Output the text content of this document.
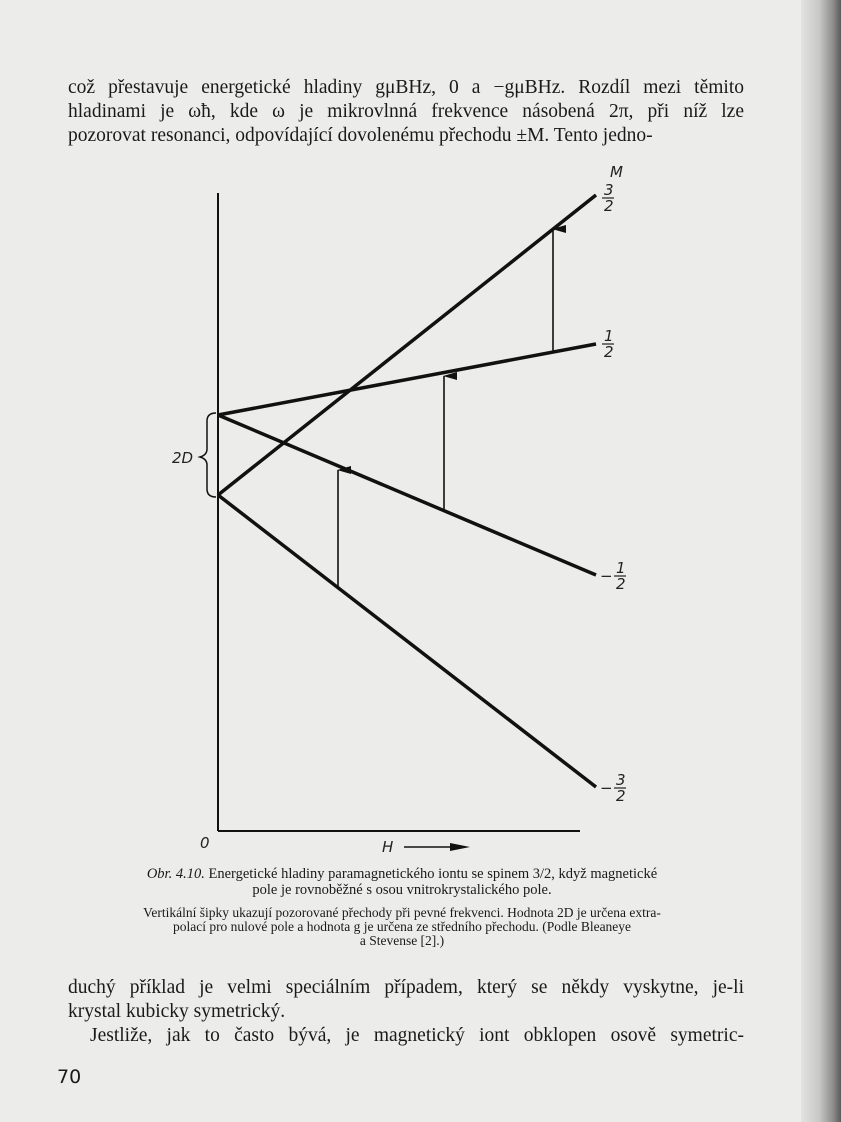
což přestavuje energetické hladiny gμBHz, 0 a −gμBHz. Rozdíl mezi těmito
hladinami je ωħ, kde ω je mikrovlnná frekvence násobená 2π, při níž lze
pozorovat resonanci, odpovídající dovolenému přechodu ±M. Tento jedno-
2D
M
3
2
1
2
− 1
2
− 3
2
0	H
Obr. 4.10. Energetické hladiny paramagnetického iontu se spinem 3/2, když magnetické
pole je rovnoběžné s osou vnitrokrystalického pole.
Vertikální šipky ukazují pozorované přechody při pevné frekvenci. Hodnota 2D je určena extra-
polací pro nulové pole a hodnota g je určena ze středního přechodu. (Podle Bleaneye
a Stevense [2].)
duchý příklad je velmi speciálním případem, který se někdy vyskytne, je-li
krystal kubicky symetrický.
Jestliže, jak to často bývá, je magnetický iont obklopen osově symetric-
70
